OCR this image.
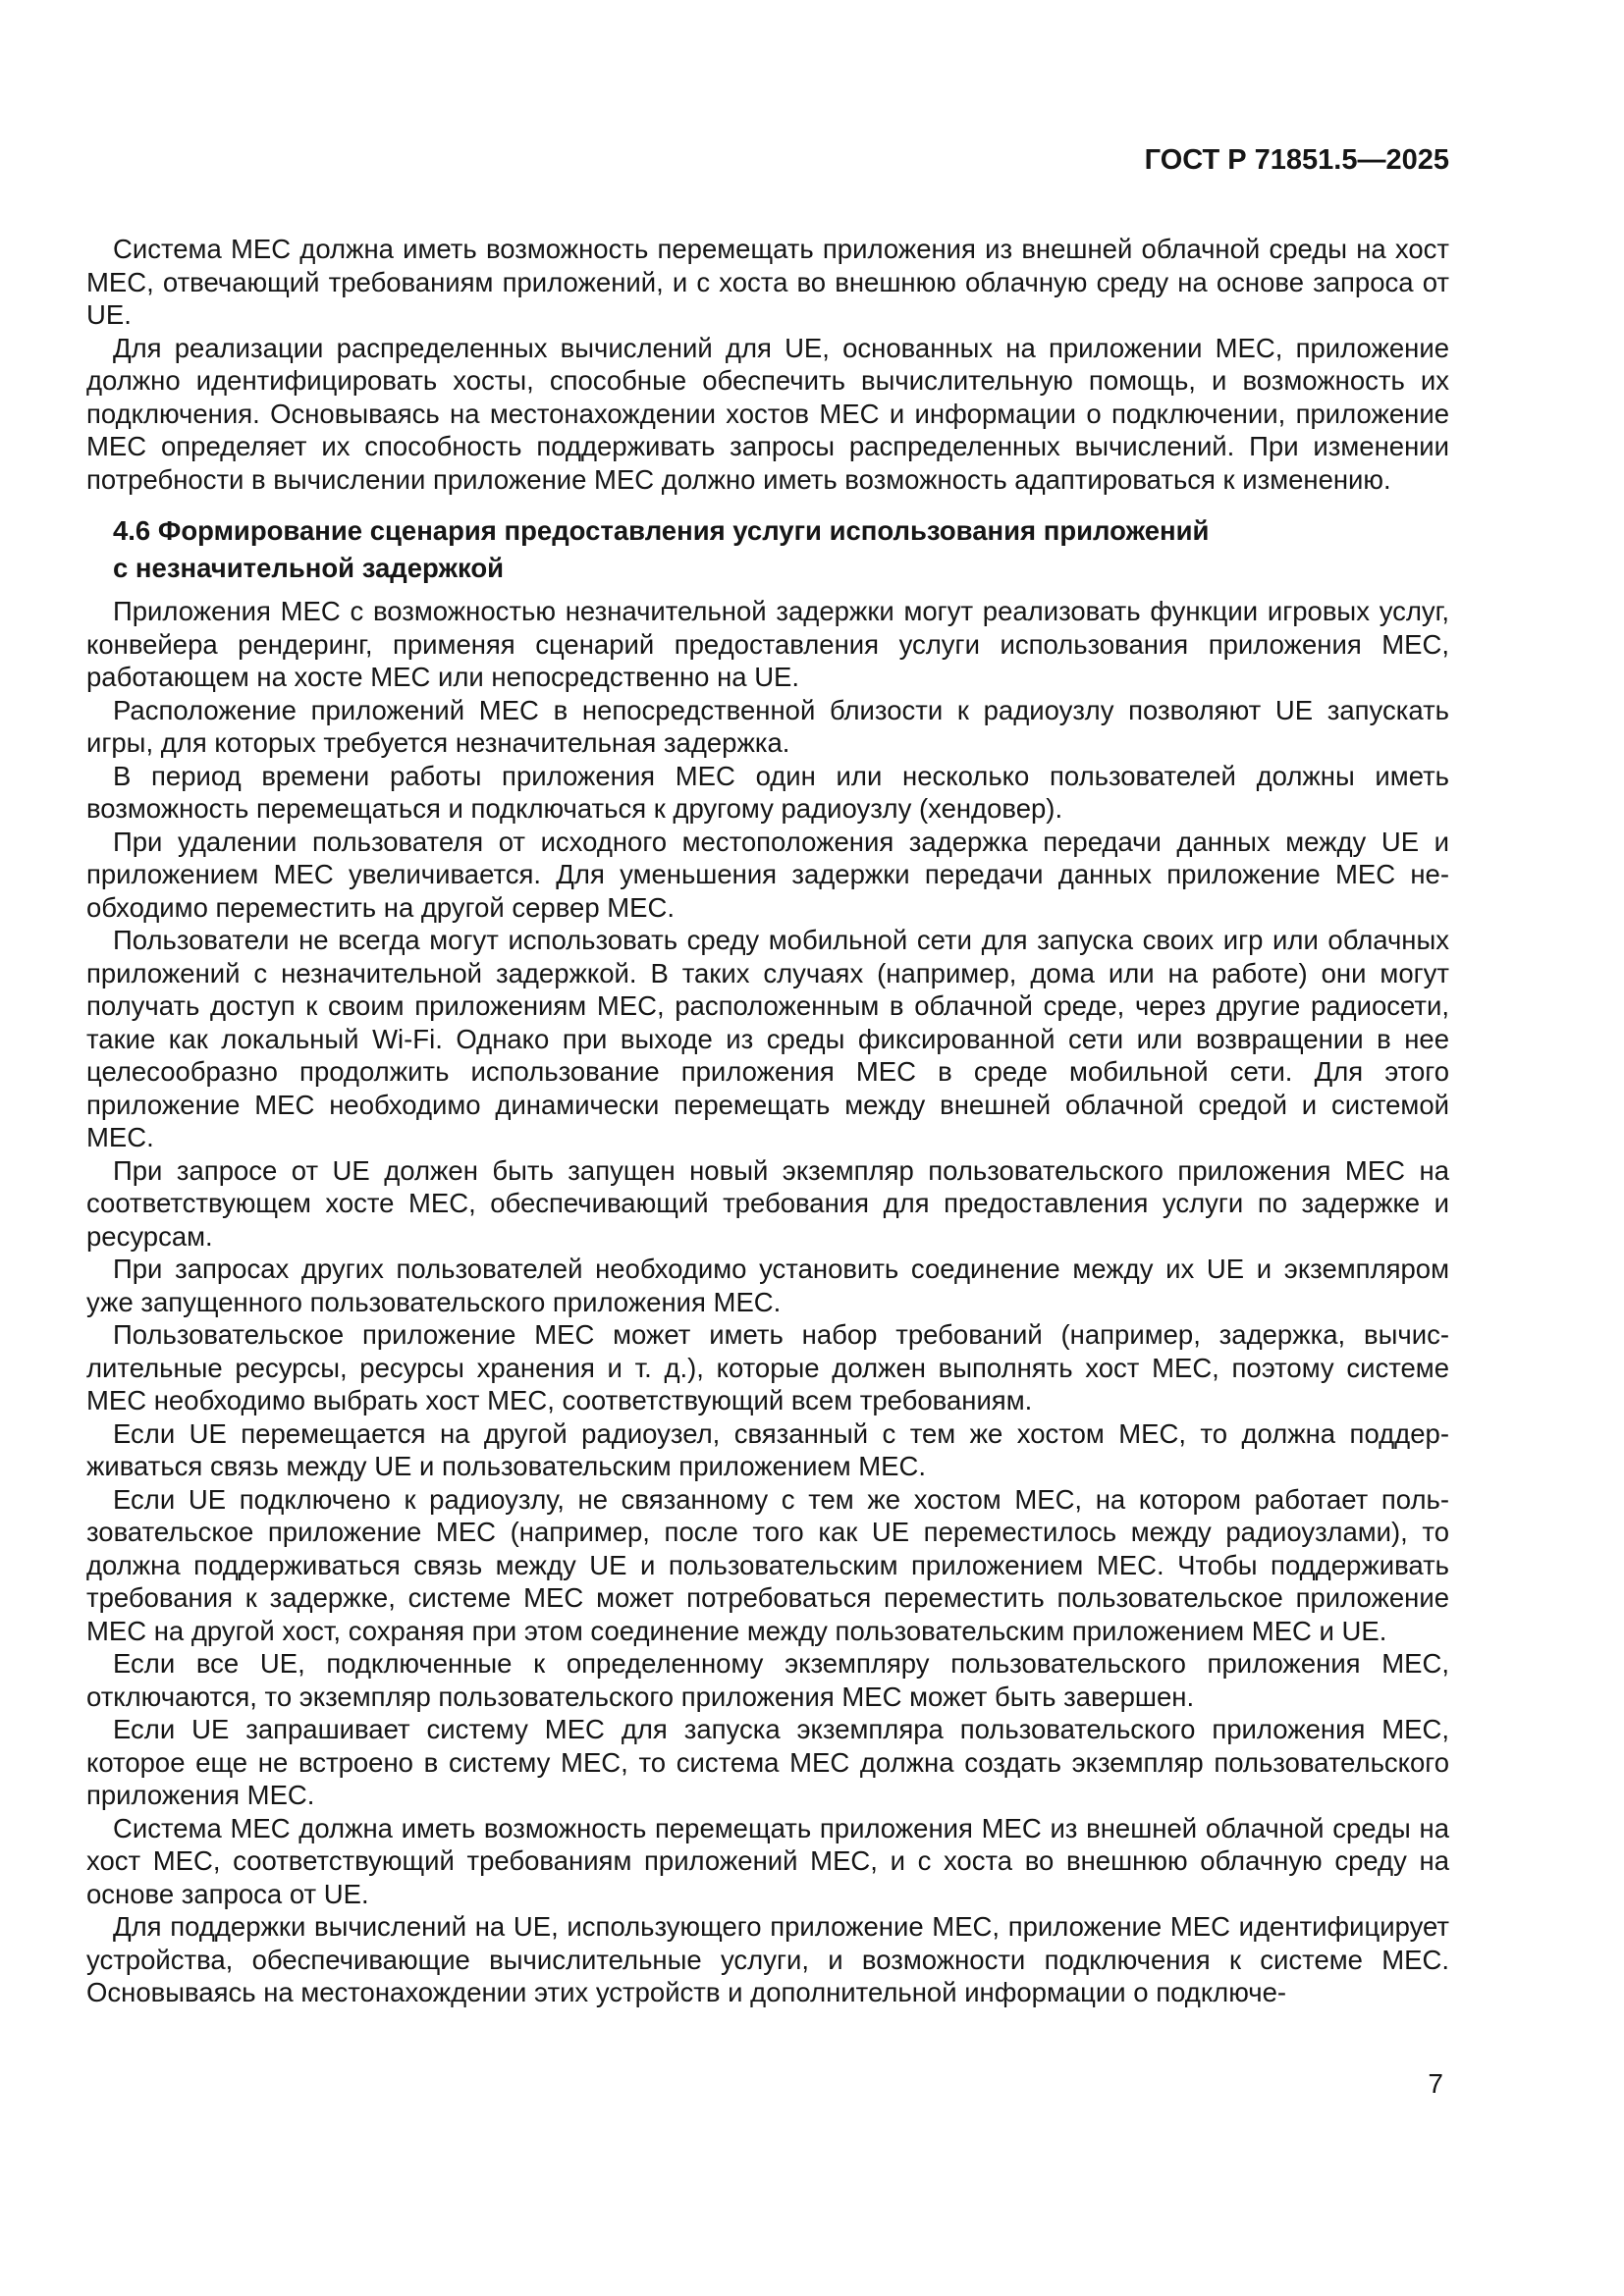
ГОСТ Р 71851.5—2025

Система МЕС должна иметь возможность перемещать приложения из внешней облачной среды на хост МЕС, отвечающий требованиям приложений, и с хоста во внешнюю облачную среду на основе запроса от UE.

Для реализации распределенных вычислений для UE, основанных на приложении МЕС, приложение должно идентифицировать хосты, способные обеспечить вычислительную помощь, и возможность их подключения. Основываясь на местонахождении хостов МЕС и информации о подключении, приложение МЕС определяет их способность поддерживать запросы распределенных вычислений. При изменении потребности в вычислении приложение МЕС должно иметь возможность адаптироваться к изменению.

4.6 Формирование сценария предоставления услуги использования приложений
с незначительной задержкой

Приложения МЕС с возможностью незначительной задержки могут реализовать функции игровых услуг, конвейера рендеринг, применяя сценарий предоставления услуги использования приложения МЕС, работающем на хосте МЕС или непосредственно на UE.

Расположение приложений МЕС в непосредственной близости к радиоузлу позволяют UE запускать игры, для которых требуется незначительная задержка.

В период времени работы приложения МЕС один или несколько пользователей должны иметь возможность перемещаться и подключаться к другому радиоузлу (хендовер).

При удалении пользователя от исходного местоположения задержка передачи данных между UE и приложением МЕС увеличивается. Для уменьшения задержки передачи данных приложение МЕС необходимо переместить на другой сервер МЕС.

Пользователи не всегда могут использовать среду мобильной сети для запуска своих игр или облачных приложений с незначительной задержкой. В таких случаях (например, дома или на работе) они могут получать доступ к своим приложениям МЕС, расположенным в облачной среде, через другие радиосети, такие как локальный Wi-Fi. Однако при выходе из среды фиксированной сети или возвращении в нее целесообразно продолжить использование приложения МЕС в среде мобильной сети. Для этого приложение МЕС необходимо динамически перемещать между внешней облачной средой и системой МЕС.

При запросе от UE должен быть запущен новый экземпляр пользовательского приложения МЕС на соответствующем хосте МЕС, обеспечивающий требования для предоставления услуги по задержке и ресурсам.

При запросах других пользователей необходимо установить соединение между их UE и экземпляром уже запущенного пользовательского приложения МЕС.

Пользовательское приложение МЕС может иметь набор требований (например, задержка, вычислительные ресурсы, ресурсы хранения и т. д.), которые должен выполнять хост МЕС, поэтому системе МЕС необходимо выбрать хост МЕС, соответствующий всем требованиям.

Если UE перемещается на другой радиоузел, связанный с тем же хостом МЕС, то должна поддерживаться связь между UE и пользовательским приложением МЕС.

Если UE подключено к радиоузлу, не связанному с тем же хостом МЕС, на котором работает пользовательское приложение МЕС (например, после того как UE переместилось между радиоузлами), то должна поддерживаться связь между UE и пользовательским приложением МЕС. Чтобы поддерживать требования к задержке, системе МЕС может потребоваться переместить пользовательское приложение МЕС на другой хост, сохраняя при этом соединение между пользовательским приложением МЕС и UE.

Если все UE, подключенные к определенному экземпляру пользовательского приложения МЕС, отключаются, то экземпляр пользовательского приложения МЕС может быть завершен.

Если UE запрашивает систему МЕС для запуска экземпляра пользовательского приложения МЕС, которое еще не встроено в систему МЕС, то система МЕС должна создать экземпляр пользовательского приложения МЕС.

Система МЕС должна иметь возможность перемещать приложения МЕС из внешней облачной среды на хост МЕС, соответствующий требованиям приложений МЕС, и с хоста во внешнюю облачную среду на основе запроса от UE.

Для поддержки вычислений на UE, использующего приложение МЕС, приложение МЕС идентифицирует устройства, обеспечивающие вычислительные услуги, и возможности подключения к системе МЕС. Основываясь на местонахождении этих устройств и дополнительной информации о подключе-

7
